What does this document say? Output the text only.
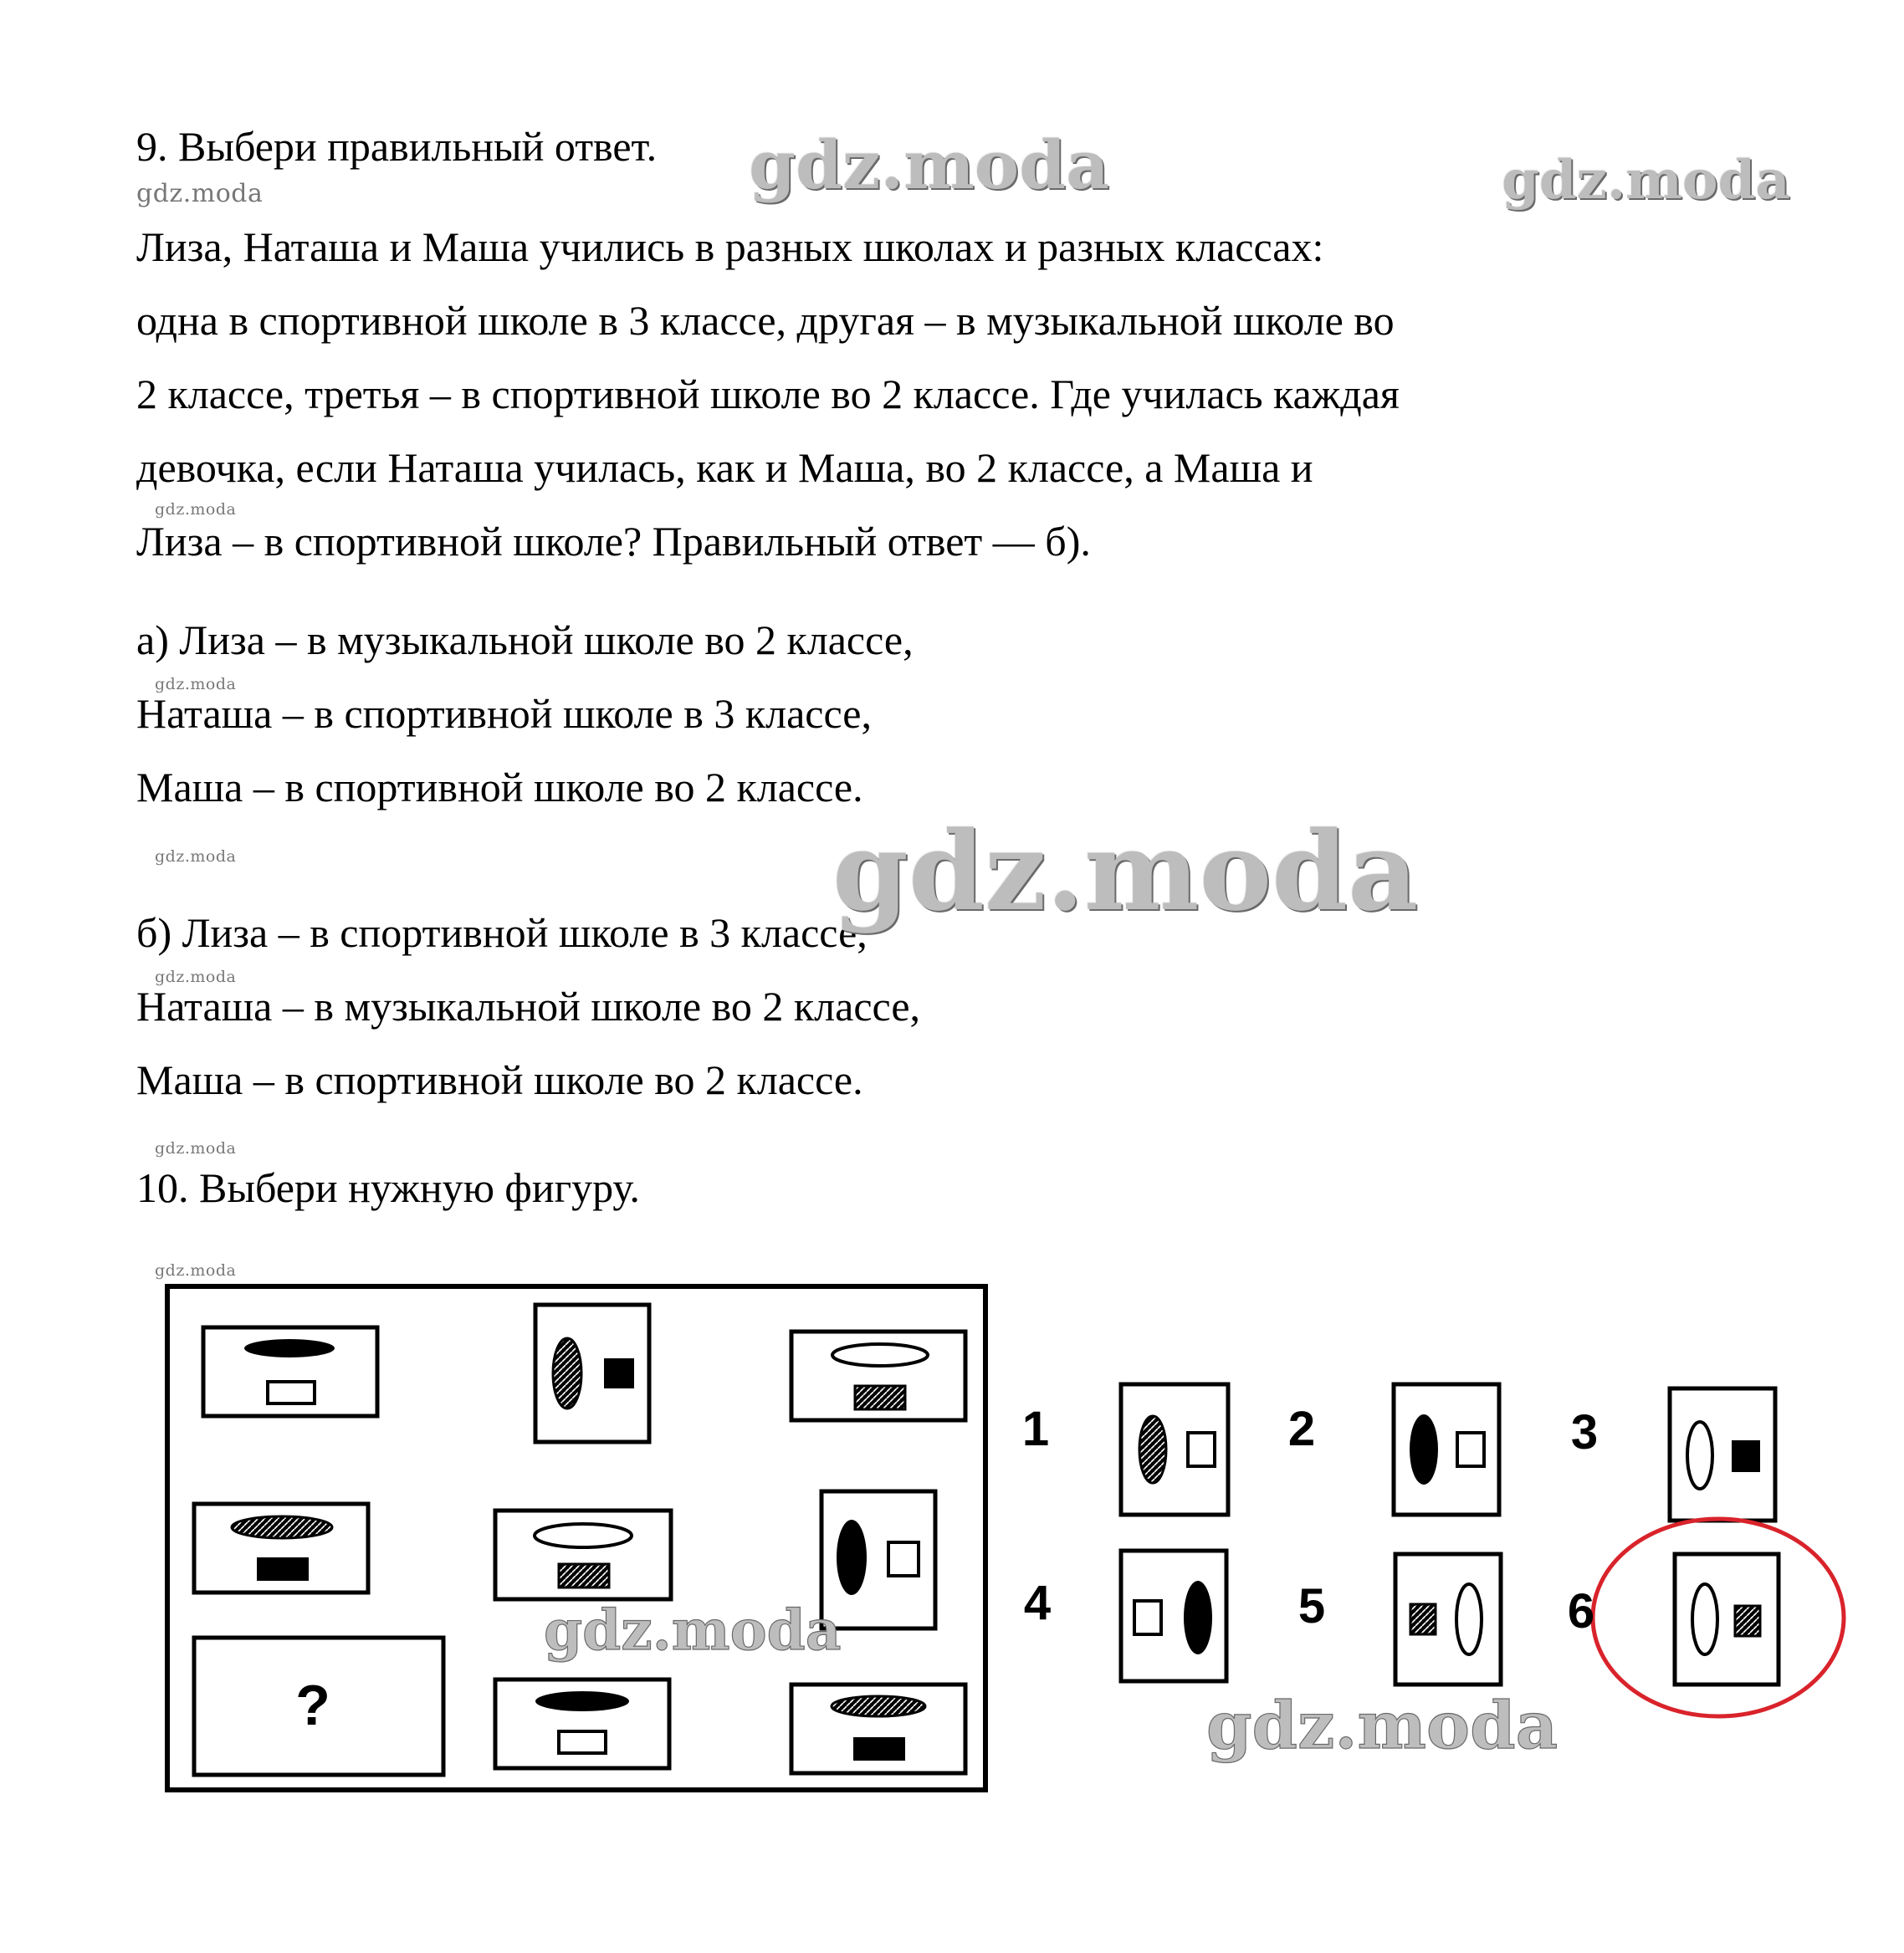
9. Выбери правильный ответ.
Лиза, Наташа и Маша учились в разных школах и разных классах:
одна в спортивной школе в 3 классе, другая – в музыкальной школе во
2 классе, третья – в спортивной школе во 2 классе. Где училась каждая
девочка, если Наташа училась, как и Маша, во 2 классе, а Маша и
Лиза – в спортивной школе? Правильный ответ — б).
а) Лиза – в музыкальной школе во 2 классе,
Наташа – в спортивной школе в 3 классе,
Маша – в спортивной школе во 2 классе.
б) Лиза – в спортивной школе в 3 классе,
Наташа – в музыкальной школе во 2 классе,
Маша – в спортивной школе во 2 классе.
10. Выбери нужную фигуру.
gdz.moda
gdz.moda
gdz.moda
gdz.moda
gdz.moda
gdz.moda
gdz.moda
gdz.moda	gdz.moda
gdz.moda
?
1	2	3
4	5	6
gdz.moda
gdz.moda
